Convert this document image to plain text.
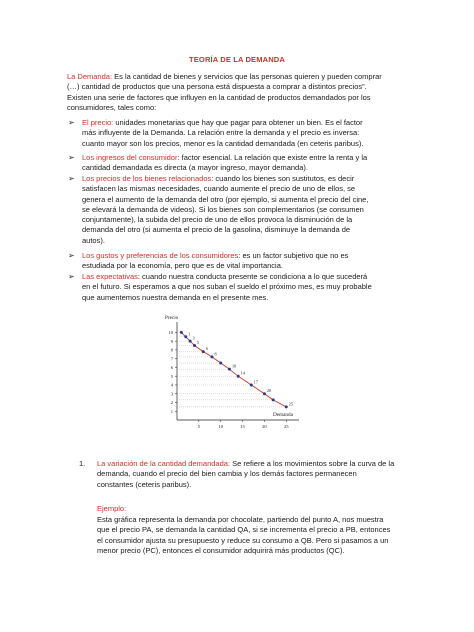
TEORÍA DE LA DEMANDA
La Demanda: Es la cantidad de bienes y servicios que las personas quieren y pueden comprar (…) cantidad de productos que una persona está dispuesta a comprar a distintos precios”. Existen una serie de factores que influyen en la cantidad de productos demandados por los consumidores, tales como:
➢ El precio: unidades monetarias que hay que pagar para obtener un bien. Es el factor más influyente de la Demanda. La relación entre la demanda y el precio es inversa: cuanto mayor son los precios, menor es la cantidad demandada (en ceteris paribus).
➢ Los ingresos del consumidor: factor esencial. La relación que existe entre la renta y la cantidad demandada es directa (a mayor ingreso, mayor demanda).
➢ Los precios de los bienes relacionados: cuando los bienes son sustitutos, es decir satisfacen las mismas necesidades, cuando aumente el precio de uno de ellos, se genera el aumento de la demanda del otro (por ejemplo, si aumenta el precio del cine, se elevará la demanda de videos). Si los bienes son complementarios (se consumen conjuntamente), la subida del precio de uno de ellos provoca la disminución de la demanda del otro (si aumenta el precio de la gasolina, disminuye la demanda de autos).
➢ Los gustos y preferencias de los consumidores: es un factor subjetivo que no es estudiada por la economía, pero que es de vital importancia.
➢ Las expectativas: cuando nuestra conducta presente se condiciona a lo que sucederá en el futuro. Si esperamos a que nos suban el sueldo el próximo mes, es muy probable que aumentemos nuestra demanda en el presente mes.
Precio
Demanda
1
2
3
4
5
6
7
8
9
10
5	10	15	20	25
1
3
5
6
8
10
14
17
20
25
1. La variación de la cantidad demandada: Se refiere a los movimientos sobre la curva de la demanda, cuando el precio del bien cambia y los demás factores permanecen constantes (ceteris paribus).
Ejemplo:
Esta gráfica representa la demanda por chocolate, partiendo del punto A, nos muestra que el precio PA, se demanda la cantidad QA, si se incrementa el precio a PB, entonces el consumidor ajusta su presupuesto y reduce su consumo a QB. Pero si pasamos a un menor precio (PC), entonces el consumidor adquirirá más productos (QC).
